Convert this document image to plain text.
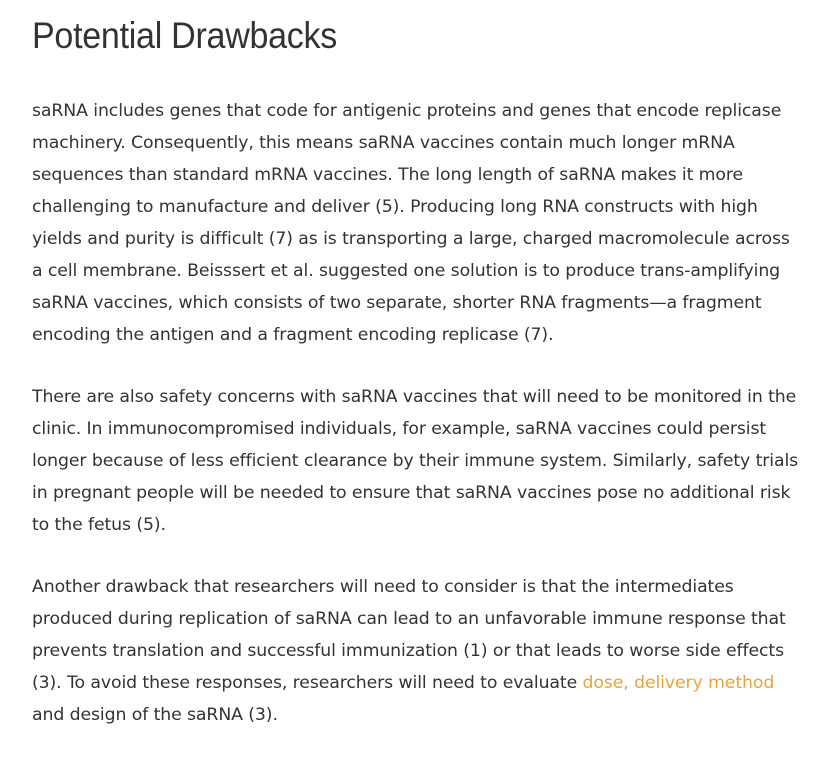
Potential Drawbacks

saRNA includes genes that code for antigenic proteins and genes that encode replicase machinery. Consequently, this means saRNA vaccines contain much longer mRNA sequences than standard mRNA vaccines. The long length of saRNA makes it more challenging to manufacture and deliver (5). Producing long RNA constructs with high yields and purity is difficult (7) as is transporting a large, charged macromolecule across a cell membrane. Beisssert et al. suggested one solution is to produce trans-amplifying saRNA vaccines, which consists of two separate, shorter RNA fragments—a fragment encoding the antigen and a fragment encoding replicase (7).

There are also safety concerns with saRNA vaccines that will need to be monitored in the clinic. In immunocompromised individuals, for example, saRNA vaccines could persist longer because of less efficient clearance by their immune system. Similarly, safety trials in pregnant people will be needed to ensure that saRNA vaccines pose no additional risk to the fetus (5).

Another drawback that researchers will need to consider is that the intermediates produced during replication of saRNA can lead to an unfavorable immune response that prevents translation and successful immunization (1) or that leads to worse side effects (3). To avoid these responses, researchers will need to evaluate dose, delivery method and design of the saRNA (3).
